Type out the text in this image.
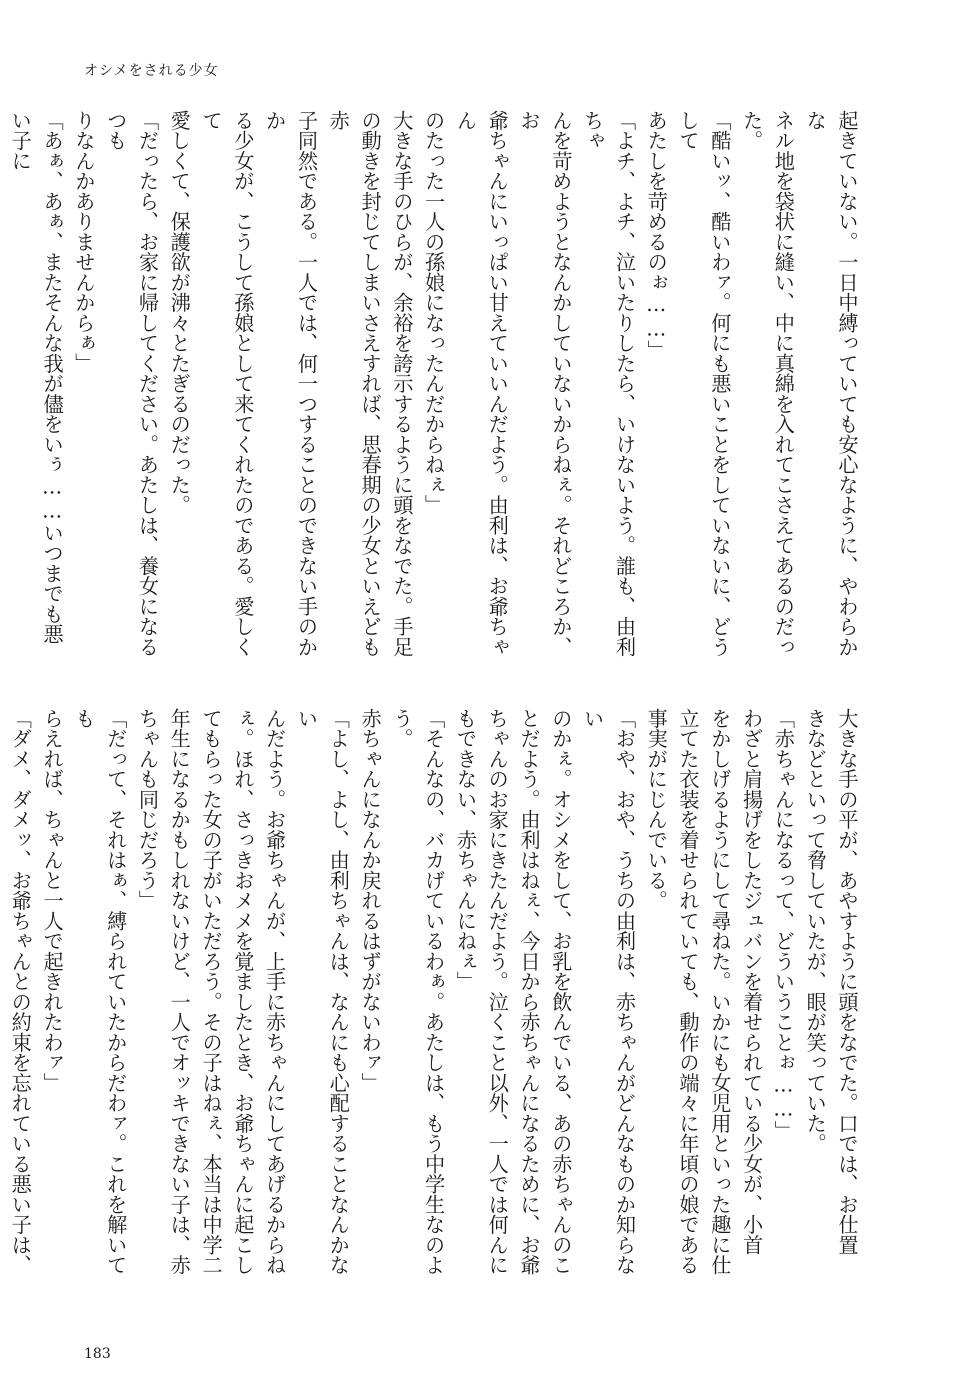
オシメをされる少女

起きていない。一日中縛っていても安心なように、やわらかな

ネル地を袋状に縫い、中に真綿を入れてこさえてあるのだった。

「酷いッ、酷いわァ。何にも悪いことをしていないに、どうして

あたしを苛めるのぉ……」

「よチ、よチ、泣いたりしたら、いけないよう。誰も、由利ちゃ

んを苛めようとなんかしていないからねぇ。それどころか、お

爺ちゃんにいっぱい甘えていいんだよう。由利は、お爺ちゃん

のたった一人の孫娘になったんだからねぇ」

大きな手のひらが、余裕を誇示するように頭をなでた。手足

の動きを封じてしまいさえすれば、思春期の少女といえども赤

子同然である。一人では、何一つすることのできない手のかか

る少女が、こうして孫娘として来てくれたのである。愛しくて

愛しくて、保護欲が沸々とたぎるのだった。

「だったら、お家に帰してください。あたしは、養女になるつも

りなんかありませんからぁ」

「あぁ、あぁ、またそんな我が儘をいぅ……いつまでも悪い子に

大きな手の平が、あやすように頭をなでた。口では、お仕置

きなどといって脅していたが、眼が笑っていた。

「赤ちゃんになるって、どういうことぉ……」

わざと肩揚げをしたジュバンを着せられている少女が、小首

をかしげるようにして尋ねた。いかにも女児用といった趣に仕

立てた衣装を着せられていても、動作の端々に年頃の娘である

事実がにじんでいる。

「おや、おや、うちの由利は、赤ちゃんがどんなものか知らない

のかぇ。オシメをして、お乳を飲んでいる、あの赤ちゃんのこ

とだよう。由利はねぇ、今日から赤ちゃんになるために、お爺

ちゃんのお家にきたんだよう。泣くこと以外、一人では何んに

もできない、赤ちゃんにねぇ」

「そんなの、バカげているわぁ。あたしは、もう中学生なのよう。

赤ちゃんになんか戻れるはずがないわァ」

「よし、よし、由利ちゃんは、なんにも心配することなんかない

んだよう。お爺ちゃんが、上手に赤ちゃんにしてあげるからね

ぇ。ほれ、さっきおメメを覚ましたとき、お爺ちゃんに起こし

てもらった女の子がいただろう。その子はねぇ、本当は中学二

年生になるかもしれないけど、一人でオッキできない子は、赤

ちゃんも同じだろう」

「だって、それはぁ、縛られていたからだわァ。これを解いても

らえれば、ちゃんと一人で起きれたわァ」

「ダメ、ダメッ、お爺ちゃんとの約束を忘れている悪い子は、

183
